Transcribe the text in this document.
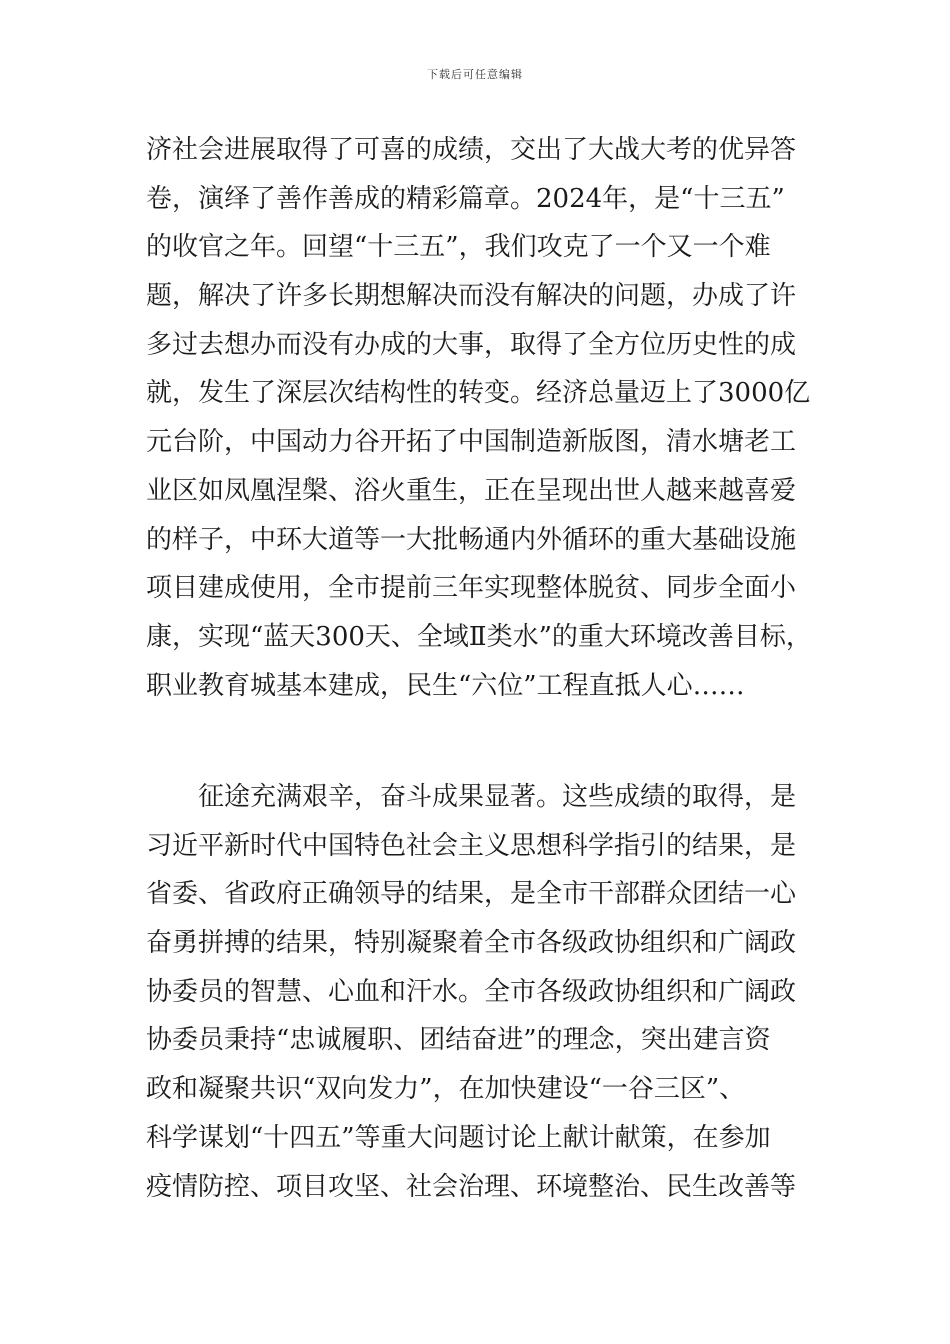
下载后可任意编辑
济社会进展取得了可喜的成绩，交出了大战大考的优异答
卷，演绎了善作善成的精彩篇章。2024年，是“十三五”
的收官之年。回望“十三五”，我们攻克了一个又一个难
题，解决了许多长期想解决而没有解决的问题，办成了许
多过去想办而没有办成的大事，取得了全方位历史性的成
就，发生了深层次结构性的转变。经济总量迈上了3000亿
元台阶，中国动力谷开拓了中国制造新版图，清水塘老工
业区如凤凰涅槃、浴火重生，正在呈现出世人越来越喜爱
的样子，中环大道等一大批畅通内外循环的重大基础设施
项目建成使用，全市提前三年实现整体脱贫、同步全面小
康，实现“蓝天300天、全域Ⅱ类水”的重大环境改善目标，
职业教育城基本建成，民生“六位”工程直抵人心……
征途充满艰辛，奋斗成果显著。这些成绩的取得，是
习近平新时代中国特色社会主义思想科学指引的结果，是
省委、省政府正确领导的结果，是全市干部群众团结一心
奋勇拼搏的结果，特别凝聚着全市各级政协组织和广阔政
协委员的智慧、心血和汗水。全市各级政协组织和广阔政
协委员秉持“忠诚履职、团结奋进”的理念，突出建言资
政和凝聚共识“双向发力”，在加快建设“一谷三区”、
科学谋划“十四五”等重大问题讨论上献计献策，在参加
疫情防控、项目攻坚、社会治理、环境整治、民生改善等
